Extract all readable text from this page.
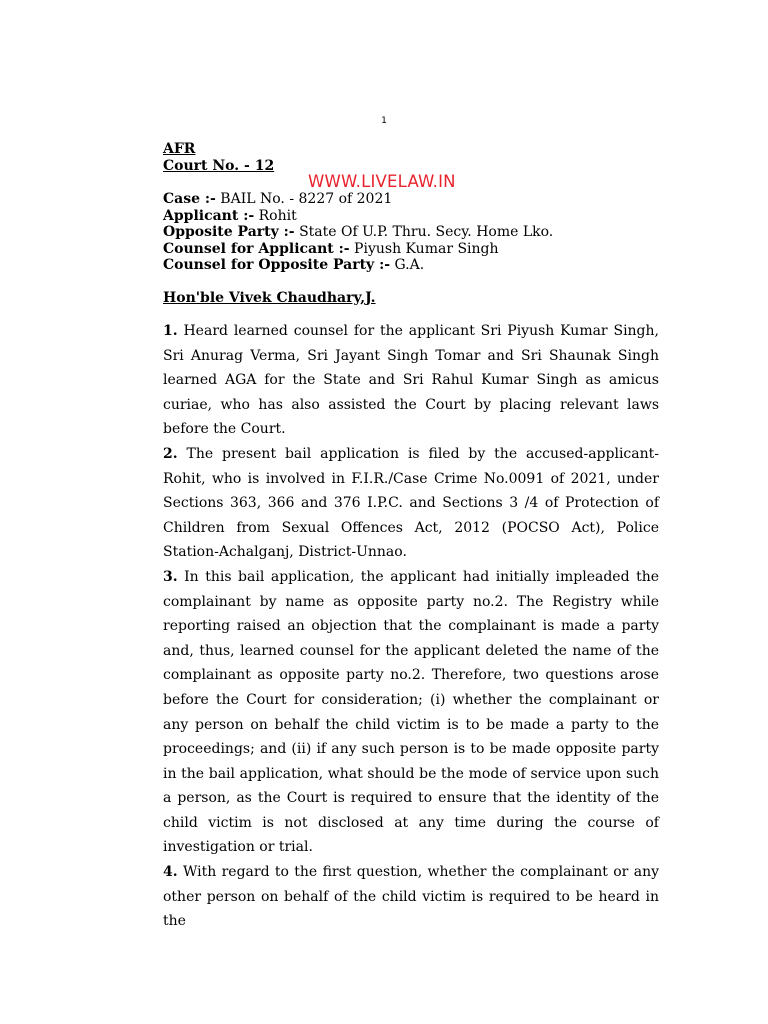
1
WWW.LIVELAW.IN
AFR
Court No. - 12
Case :- BAIL No. - 8227 of 2021
Applicant :- Rohit
Opposite Party :- State Of U.P. Thru. Secy. Home Lko.
Counsel for Applicant :- Piyush Kumar Singh
Counsel for Opposite Party :- G.A.
Hon'ble Vivek Chaudhary,J.

1. Heard learned counsel for the applicant Sri Piyush Kumar Singh, Sri Anurag Verma, Sri Jayant Singh Tomar and Sri Shaunak Singh learned AGA for the State and Sri Rahul Kumar Singh as amicus curiae, who has also assisted the Court by placing relevant laws before the Court.

2. The present bail application is filed by the accused-applicant-Rohit, who is involved in F.I.R./Case Crime No.0091 of 2021, under Sections 363, 366 and 376 I.P.C. and Sections 3 /4 of Protection of Children from Sexual Offences Act, 2012 (POCSO Act), Police Station-Achalganj, District-Unnao.

3. In this bail application, the applicant had initially impleaded the complainant by name as opposite party no.2. The Registry while reporting raised an objection that the complainant is made a party and, thus, learned counsel for the applicant deleted the name of the complainant as opposite party no.2. Therefore, two questions arose before the Court for consideration; (i) whether the complainant or any person on behalf the child victim is to be made a party to the proceedings; and (ii) if any such person is to be made opposite party in the bail application, what should be the mode of service upon such a person, as the Court is required to ensure that the identity of the child victim is not disclosed at any time during the course of investigation or trial.

4. With regard to the first question, whether the complainant or any other person on behalf of the child victim is required to be heard in the
